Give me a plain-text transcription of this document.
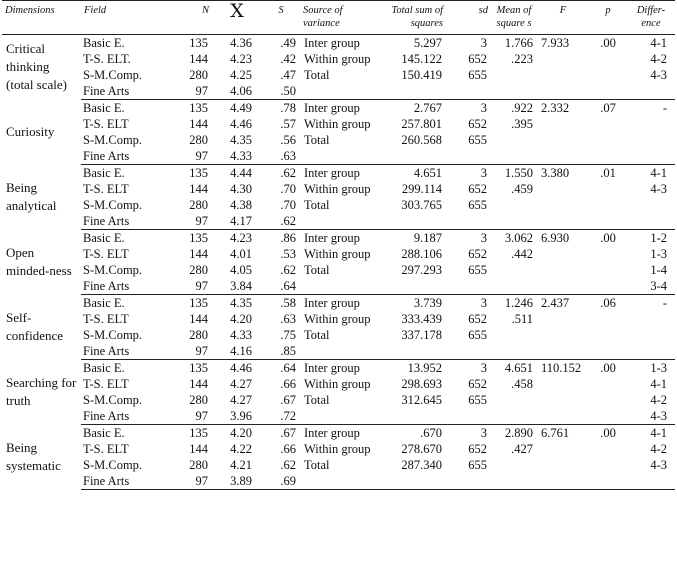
Dimensions	Field	N	X	S	Source of variance	Total sum of squares	sd	Mean of square s	F	p	Differ-ence
Critical thinking (total scale)	Basic E.	135	4.36	.49	Inter group	5.297	3	1.766	7.933	.00	4-1
	T-S. ELT.	144	4.23	.42	Within group	145.122	652	.223			4-2
	S-M.Comp.	280	4.25	.47	Total	150.419	655				4-3
	Fine Arts	97	4.06	.50							
Curiosity	Basic E.	135	4.49	.78	Inter group	2.767	3	.922	2.332	.07	-
	T-S. ELT	144	4.46	.57	Within group	257.801	652	.395			
	S-M.Comp.	280	4.35	.56	Total	260.568	655				
	Fine Arts	97	4.33	.63							
Being analytical	Basic E.	135	4.44	.62	Inter group	4.651	3	1.550	3.380	.01	4-1
	T-S. ELT	144	4.30	.70	Within group	299.114	652	.459			4-3
	S-M.Comp.	280	4.38	.70	Total	303.765	655				
	Fine Arts	97	4.17	.62							
Open minded-ness	Basic E.	135	4.23	.86	Inter group	9.187	3	3.062	6.930	.00	1-2
	T-S. ELT	144	4.01	.53	Within group	288.106	652	.442			1-3
	S-M.Comp.	280	4.05	.62	Total	297.293	655				1-4
	Fine Arts	97	3.84	.64							3-4
Self-confidence	Basic E.	135	4.35	.58	Inter group	3.739	3	1.246	2.437	.06	-
	T-S. ELT	144	4.20	.63	Within group	333.439	652	.511			
	S-M.Comp.	280	4.33	.75	Total	337.178	655				
	Fine Arts	97	4.16	.85							
Searching for truth	Basic E.	135	4.46	.64	Inter group	13.952	3	4.651	110.152	.00	1-3
	T-S. ELT	144	4.27	.66	Within group	298.693	652	.458			4-1
	S-M.Comp.	280	4.27	.67	Total	312.645	655				4-2
	Fine Arts	97	3.96	.72							4-3
Being systematic	Basic E.	135	4.20	.67	Inter group	.670	3	2.890	6.761	.00	4-1
	T-S. ELT	144	4.22	.66	Within group	278.670	652	.427			4-2
	S-M.Comp.	280	4.21	.62	Total	287.340	655				4-3
	Fine Arts	97	3.89	.69							
